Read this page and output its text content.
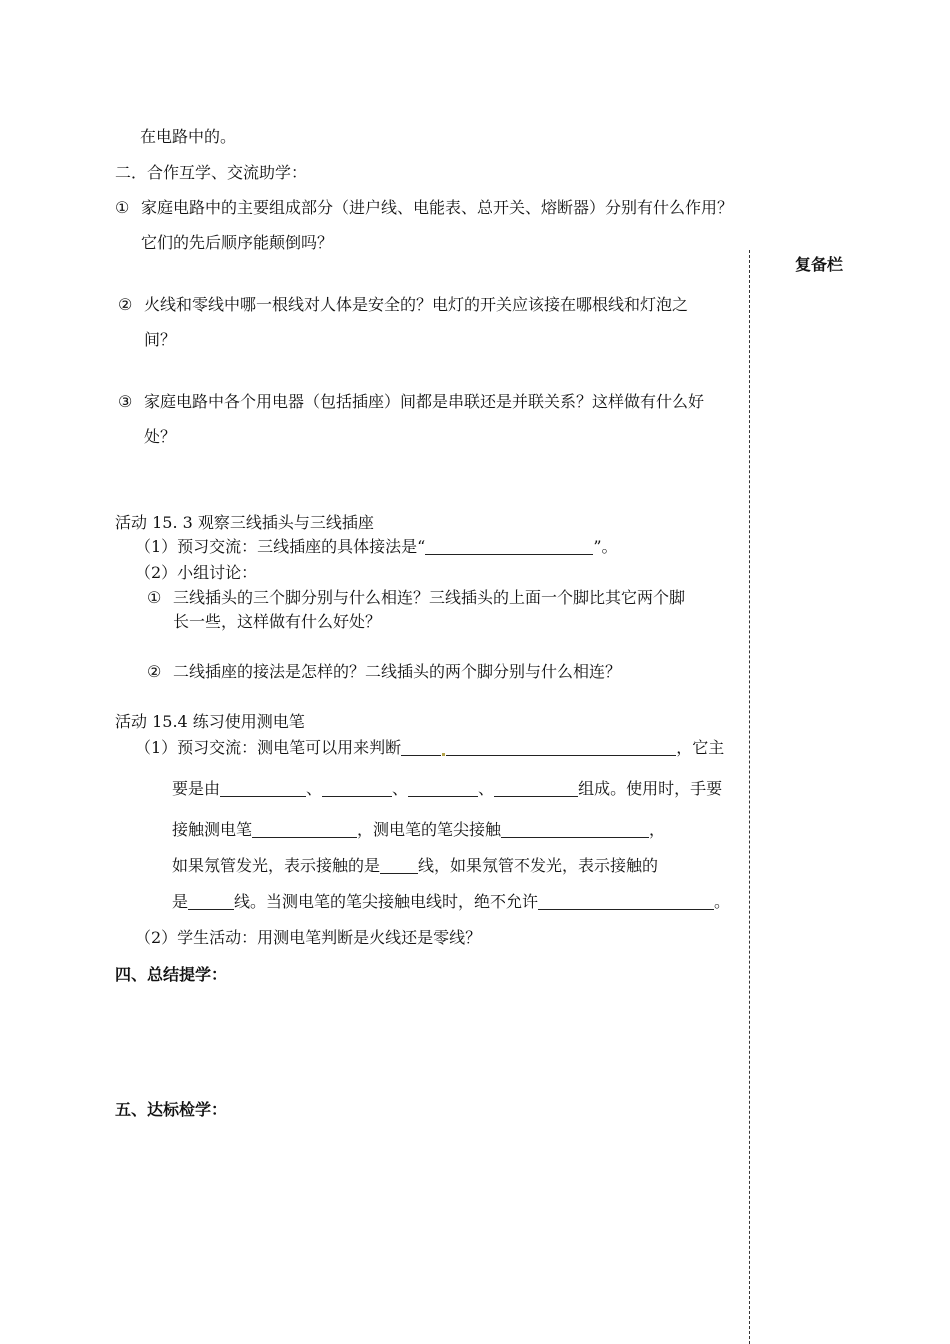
复备栏
在电路中的。
二．合作互学、交流助学：
① 家庭电路中的主要组成部分（进户线、电能表、总开关、熔断器）分别有什么作用？
它们的先后顺序能颠倒吗？
② 火线和零线中哪一根线对人体是安全的？电灯的开关应该接在哪根线和灯泡之
间？
③ 家庭电路中各个用电器（包括插座）间都是串联还是并联关系？这样做有什么好
处？
活动 15. 3 观察三线插头与三线插座
（1）预习交流：三线插座的具体接法是“	”。
（2）小组讨论：
① 三线插头的三个脚分别与什么相连？三线插头的上面一个脚比其它两个脚
长一些，这样做有什么好处？
② 二线插座的接法是怎样的？二线插头的两个脚分别与什么相连？
活动 15.4 练习使用测电笔
（1）预习交流：测电笔可以用来判断	，它主
要是由	、	、	、	组成。使用时，手要
接触测电笔	，测电笔的笔尖接触	，
如果氖管发光，表示接触的是 线，如果氖管不发光，表示接触的
是	线。当测电笔的笔尖接触电线时，绝不允许	。
（2）学生活动：用测电笔判断是火线还是零线？
四、总结提学：
五、达标检学：
